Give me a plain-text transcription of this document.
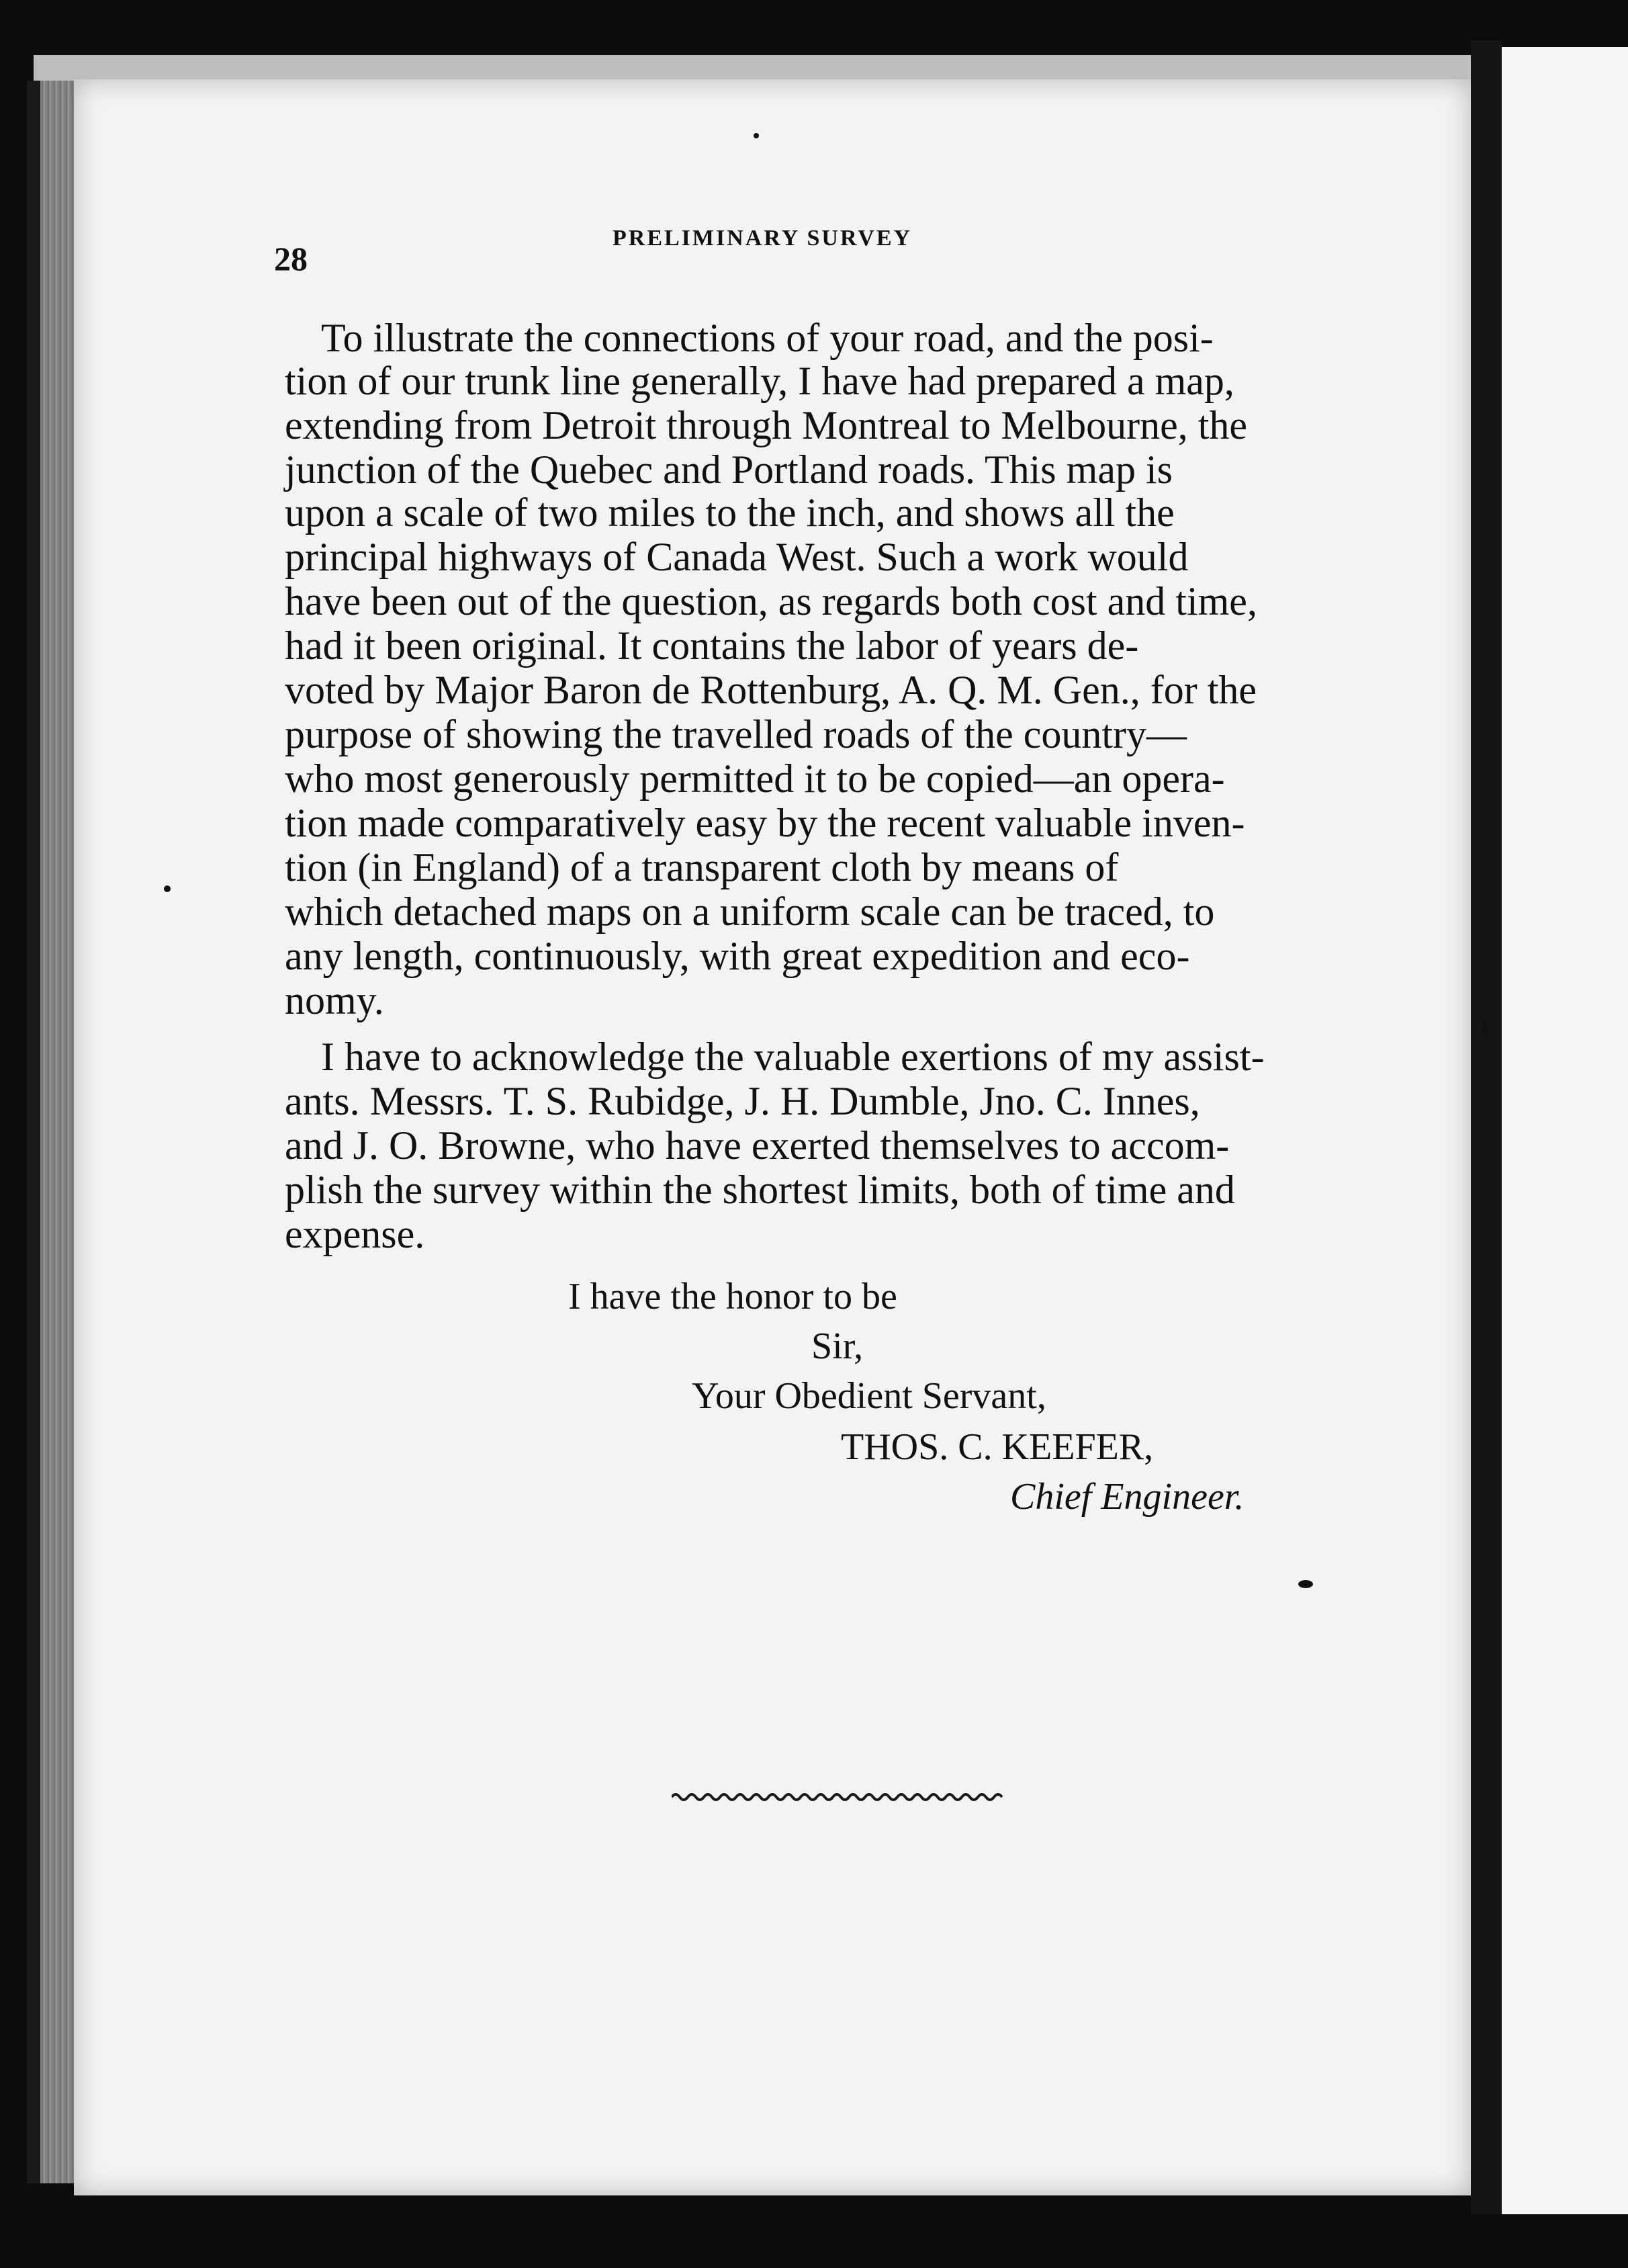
28

PRELIMINARY SURVEY

To illustrate the connections of your road, and the posi-

tion of our trunk line generally, I have had prepared a map,

extending from Detroit through Montreal to Melbourne, the

junction of the Quebec and Portland roads. This map is

upon a scale of two miles to the inch, and shows all the

principal highways of Canada West. Such a work would

have been out of the question, as regards both cost and time,

had it been original. It contains the labor of years de-

voted by Major Baron de Rottenburg, A. Q. M. Gen., for the

purpose of showing the travelled roads of the country—

who most generously permitted it to be copied—an opera-

tion made comparatively easy by the recent valuable inven-

tion (in England) of a transparent cloth by means of

which detached maps on a uniform scale can be traced, to

any length, continuously, with great expedition and eco-

nomy.

I have to acknowledge the valuable exertions of my assist-

ants. Messrs. T. S. Rubidge, J. H. Dumble, Jno. C. Innes,

and J. O. Browne, who have exerted themselves to accom-

plish the survey within the shortest limits, both of time and

expense.

I have the honor to be

Sir,

Your Obedient Servant,

THOS. C. KEEFER,

Chief Engineer.
